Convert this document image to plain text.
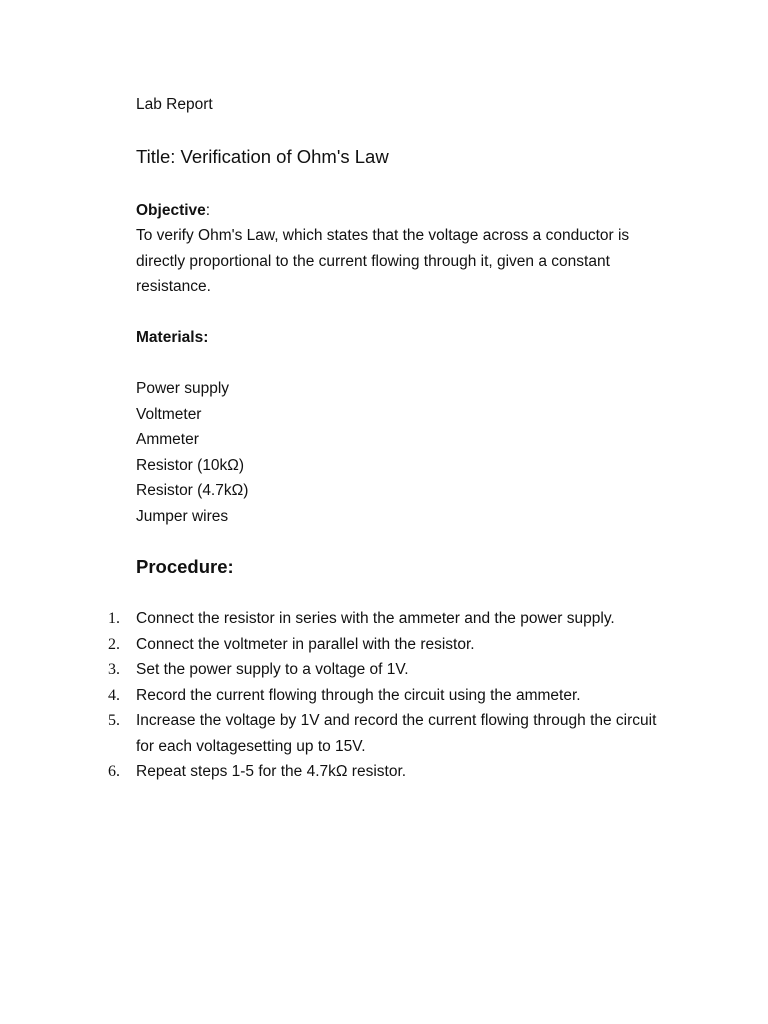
Lab Report
Title: Verification of Ohm's Law
Objective:
To verify Ohm's Law, which states that the voltage across a conductor is directly proportional to the current flowing through it, given a constant resistance.
Materials:
Power supply
Voltmeter
Ammeter
Resistor (10kΩ)
Resistor (4.7kΩ)
Jumper wires
Procedure:
1.	Connect the resistor in series with the ammeter and the power supply.
2.	Connect the voltmeter in parallel with the resistor.
3.	Set the power supply to a voltage of 1V.
4.	Record the current flowing through the circuit using the ammeter.
5.	Increase the voltage by 1V and record the current flowing through the circuit for each voltagesetting up to 15V.
6.	Repeat steps 1-5 for the 4.7kΩ resistor.
